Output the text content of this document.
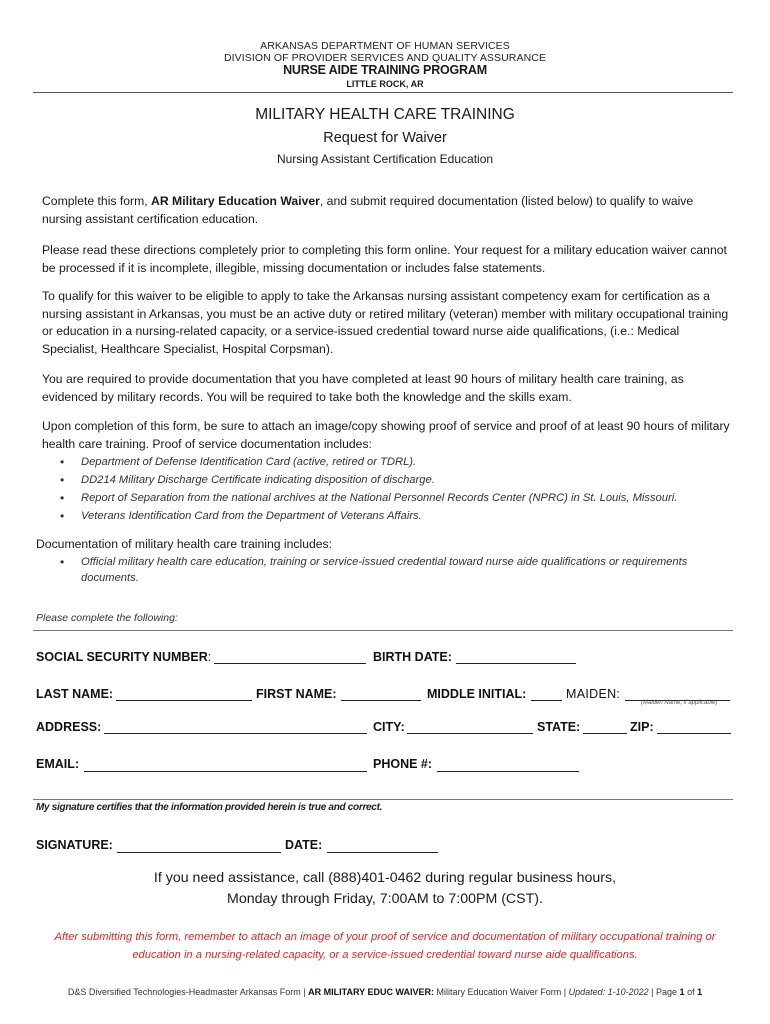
ARKANSAS DEPARTMENT OF HUMAN SERVICES
DIVISION OF PROVIDER SERVICES AND QUALITY ASSURANCE
NURSE AIDE TRAINING PROGRAM
LITTLE ROCK, AR
MILITARY HEALTH CARE TRAINING
Request for Waiver
Nursing Assistant Certification Education
Complete this form, AR Military Education Waiver, and submit required documentation (listed below) to qualify to waive nursing assistant certification education.
Please read these directions completely prior to completing this form online. Your request for a military education waiver cannot be processed if it is incomplete, illegible, missing documentation or includes false statements.
To qualify for this waiver to be eligible to apply to take the Arkansas nursing assistant competency exam for certification as a nursing assistant in Arkansas, you must be an active duty or retired military (veteran) member with military occupational training or education in a nursing-related capacity, or a service-issued credential toward nurse aide qualifications, (i.e.: Medical Specialist, Healthcare Specialist, Hospital Corpsman).
You are required to provide documentation that you have completed at least 90 hours of military health care training, as evidenced by military records. You will be required to take both the knowledge and the skills exam.
Upon completion of this form, be sure to attach an image/copy showing proof of service and proof of at least 90 hours of military health care training. Proof of service documentation includes:
• Department of Defense Identification Card (active, retired or TDRL).
• DD214 Military Discharge Certificate indicating disposition of discharge.
• Report of Separation from the national archives at the National Personnel Records Center (NPRC) in St. Louis, Missouri.
• Veterans Identification Card from the Department of Veterans Affairs.
Documentation of military health care training includes:
• Official military health care education, training or service-issued credential toward nurse aide qualifications or requirements documents.
Please complete the following:
SOCIAL SECURITY NUMBER:	BIRTH DATE:
LAST NAME:	FIRST NAME:	MIDDLE INITIAL:	MAIDEN:
(Maiden Name, if applicable)
ADDRESS:	CITY:	STATE:	ZIP:
EMAIL:	PHONE #:
My signature certifies that the information provided herein is true and correct.
SIGNATURE:	DATE:
If you need assistance, call (888)401-0462 during regular business hours,
Monday through Friday, 7:00AM to 7:00PM (CST).
After submitting this form, remember to attach an image of your proof of service and documentation of military occupational training or
education in a nursing-related capacity, or a service-issued credential toward nurse aide qualifications.
D&S Diversified Technologies-Headmaster Arkansas Form | AR MILITARY EDUC WAIVER: Military Education Waiver Form | Updated: 1-10-2022 | Page 1 of 1
